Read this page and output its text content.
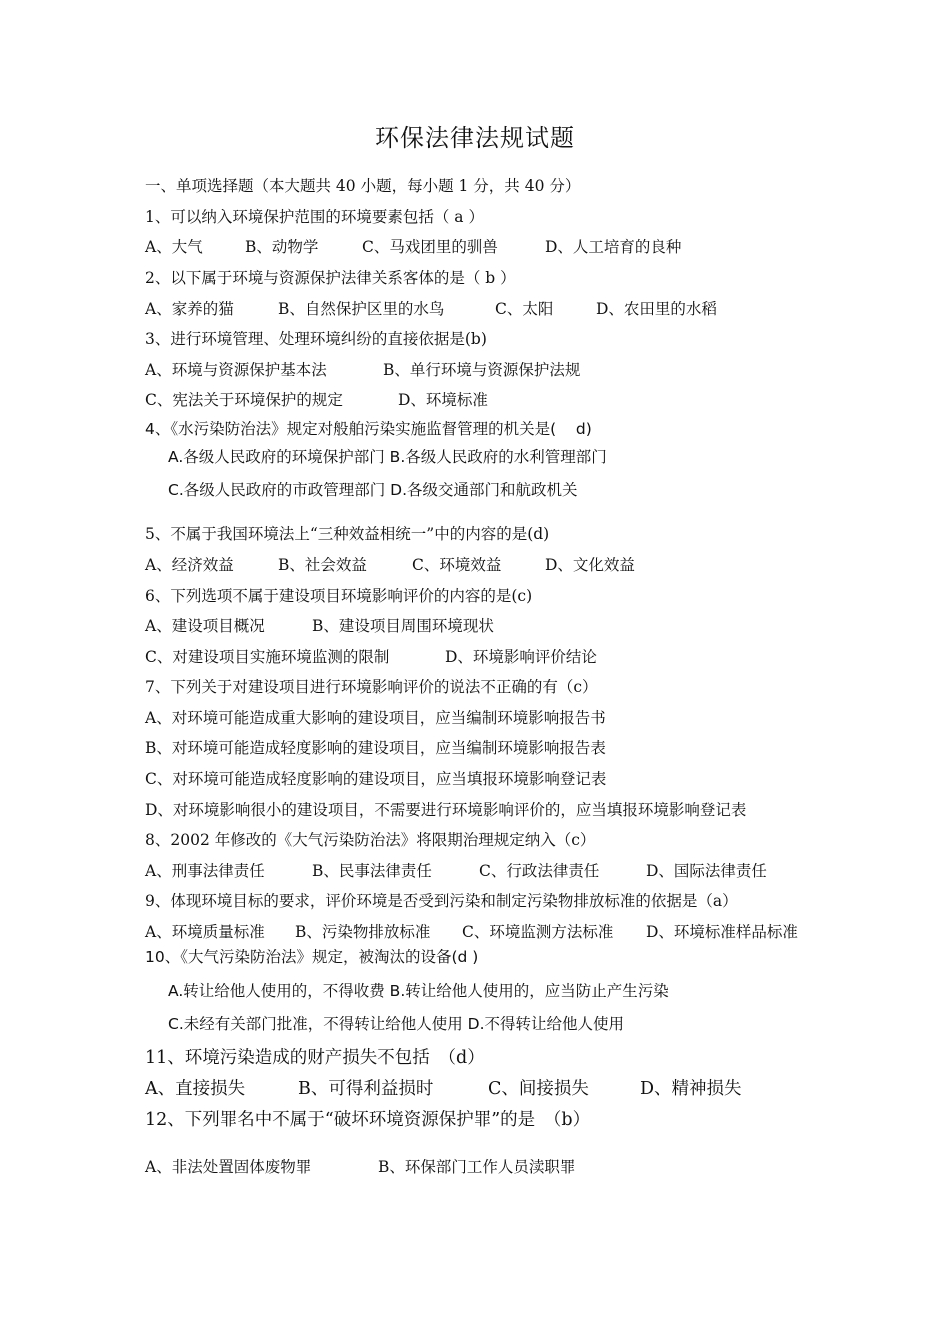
环保法律法规试题
一、单项选择题（本大题共 40 小题，每小题 1 分，共 40 分）
1、可以纳入环境保护范围的环境要素包括（ a ）
A、大气	B、动物学	C、马戏团里的驯兽	D、人工培育的良种
2、以下属于环境与资源保护法律关系客体的是（ b ）
A、家养的猫	B、自然保护区里的水鸟	C、太阳	D、农田里的水稻
3、进行环境管理、处理环境纠纷的直接依据是(b)
A、环境与资源保护基本法	B、单行环境与资源保护法规
C、宪法关于环境保护的规定	D、环境标准
4、《水污染防治法》规定对般舶污染实施监督管理的机关是(    d)
A.各级人民政府的环境保护部门 B.各级人民政府的水利管理部门
C.各级人民政府的市政管理部门 D.各级交通部门和航政机关
5、不属于我国环境法上“三种效益相统一”中的内容的是(d)
A、经济效益	B、社会效益	C、环境效益	D、文化效益
6、下列选项不属于建设项目环境影响评价的内容的是(c)
A、建设项目概况	B、建设项目周围环境现状
C、对建设项目实施环境监测的限制	D、环境影响评价结论
7、下列关于对建设项目进行环境影响评价的说法不正确的有（c）
A、对环境可能造成重大影响的建设项目，应当编制环境影响报告书
B、对环境可能造成轻度影响的建设项目，应当编制环境影响报告表
C、对环境可能造成轻度影响的建设项目，应当填报环境影响登记表
D、对环境影响很小的建设项目，不需要进行环境影响评价的，应当填报环境影响登记表
8、2002 年修改的《大气污染防治法》将限期治理规定纳入（c）
A、刑事法律责任	B、民事法律责任	C、行政法律责任	D、国际法律责任
9、体现环境目标的要求，评价环境是否受到污染和制定污染物排放标准的依据是（a）
A、环境质量标准 B、污染物排放标准 C、环境监测方法标准 D、环境标准样品标准
10、《大气污染防治法》规定，被淘汰的设备(d )
A.转让给他人使用的，不得收费 B.转让给他人使用的，应当防止产生污染
C.未经有关部门批准，不得转让给他人使用 D.不得转让给他人使用
11、环境污染造成的财产损失不包括　（d）
A、直接损失	B、可得利益损时	C、间接损失	D、精神损失
12、下列罪名中不属于“破坏环境资源保护罪”的是　（b）
A、非法处置固体废物罪	B、环保部门工作人员渎职罪
